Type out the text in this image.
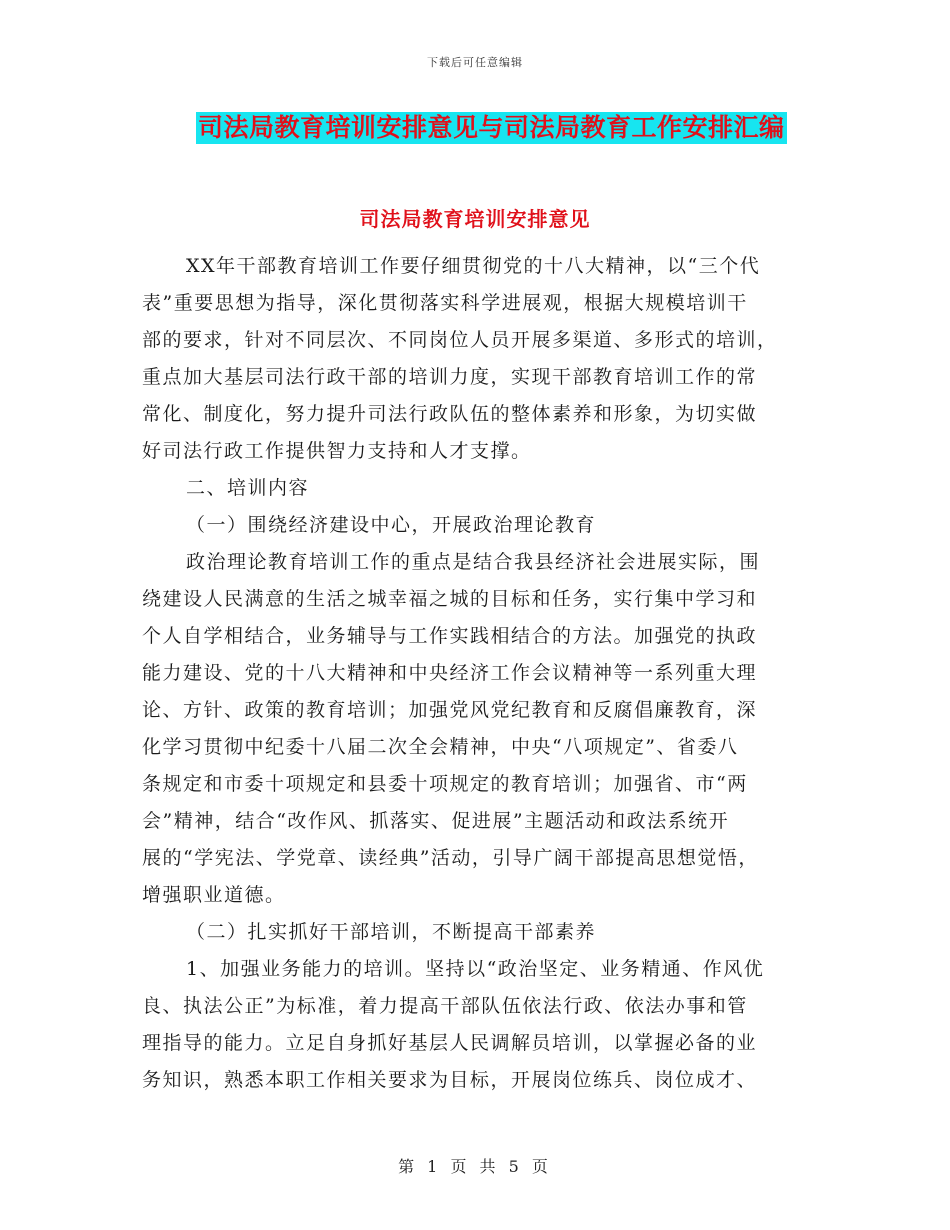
下载后可任意编辑
司法局教育培训安排意见与司法局教育工作安排汇编
司法局教育培训安排意见
XX年干部教育培训工作要仔细贯彻党的十八大精神，以“三个代
表”重要思想为指导，深化贯彻落实科学进展观，根据大规模培训干
部的要求，针对不同层次、不同岗位人员开展多渠道、多形式的培训，
重点加大基层司法行政干部的培训力度，实现干部教育培训工作的常
常化、制度化，努力提升司法行政队伍的整体素养和形象，为切实做
好司法行政工作提供智力支持和人才支撑。
二、培训内容
（一）围绕经济建设中心，开展政治理论教育
政治理论教育培训工作的重点是结合我县经济社会进展实际，围
绕建设人民满意的生活之城幸福之城的目标和任务，实行集中学习和
个人自学相结合，业务辅导与工作实践相结合的方法。加强党的执政
能力建设、党的十八大精神和中央经济工作会议精神等一系列重大理
论、方针、政策的教育培训；加强党风党纪教育和反腐倡廉教育，深
化学习贯彻中纪委十八届二次全会精神，中央“八项规定”、省委八
条规定和市委十项规定和县委十项规定的教育培训；加强省、市“两
会”精神，结合“改作风、抓落实、促进展”主题活动和政法系统开
展的“学宪法、学党章、读经典”活动，引导广阔干部提高思想觉悟，
增强职业道德。
（二）扎实抓好干部培训，不断提高干部素养
1、加强业务能力的培训。坚持以“政治坚定、业务精通、作风优
良、执法公正”为标准，着力提高干部队伍依法行政、依法办事和管
理指导的能力。立足自身抓好基层人民调解员培训，以掌握必备的业
务知识，熟悉本职工作相关要求为目标，开展岗位练兵、岗位成才、
第 1 页 共 5 页
